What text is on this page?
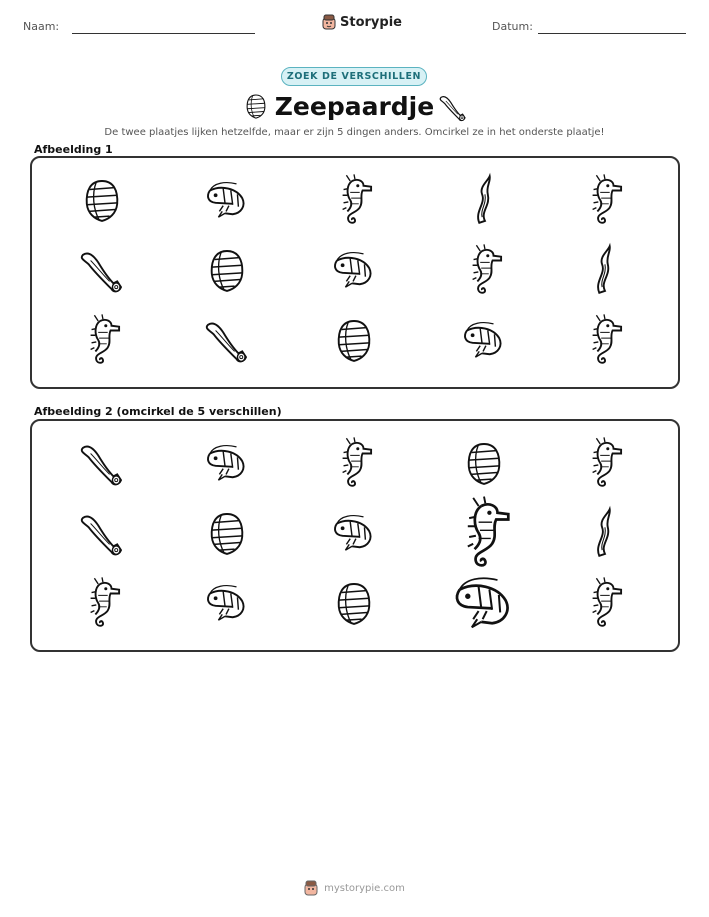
Naam:	Storypie	Datum:
ZOEK DE VERSCHILLEN
Zeepaardje
De twee plaatjes lijken hetzelfde, maar er zijn 5 dingen anders. Omcirkel ze in het onderste plaatje!
Afbeelding 1
Afbeelding 2 (omcirkel de 5 verschillen)
mystorypie.com
